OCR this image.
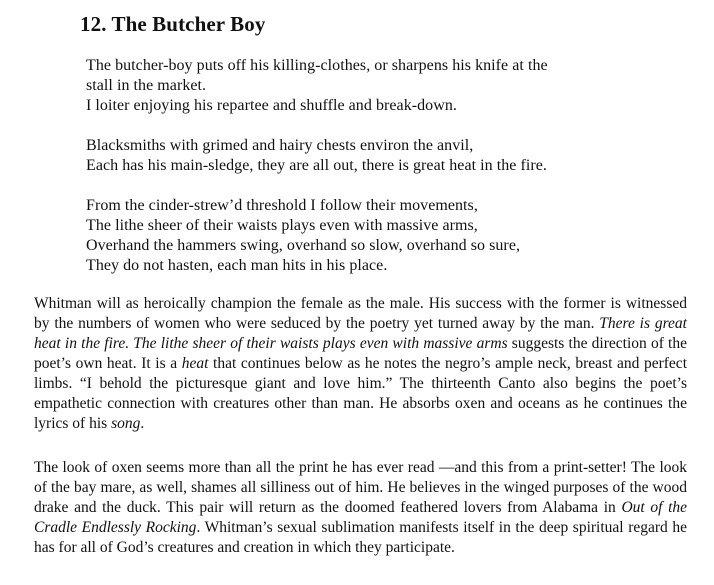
12. The Butcher Boy
The butcher-boy puts off his killing-clothes, or sharpens his knife at the
stall in the market.
I loiter enjoying his repartee and shuffle and break-down.
Blacksmiths with grimed and hairy chests environ the anvil,
Each has his main-sledge, they are all out, there is great heat in the fire.
From the cinder-strew’d threshold I follow their movements,
The lithe sheer of their waists plays even with massive arms,
Overhand the hammers swing, overhand so slow, overhand so sure,
They do not hasten, each man hits in his place.

Whitman will as heroically champion the female as the male. His success with the former is witnessed by the numbers of women who were seduced by the poetry yet turned away by the man. There is great heat in the fire. The lithe sheer of their waists plays even with massive arms suggests the direction of the poet’s own heat. It is a heat that continues below as he notes the negro’s ample neck, breast and perfect limbs. “I behold the picturesque giant and love him.” The thirteenth Canto also begins the poet’s empathetic connection with creatures other than man. He absorbs oxen and oceans as he continues the lyrics of his song.

The look of oxen seems more than all the print he has ever read —and this from a print-setter! The look of the bay mare, as well, shames all silliness out of him. He believes in the winged purposes of the wood drake and the duck. This pair will return as the doomed feathered lovers from Alabama in Out of the Cradle Endlessly Rocking. Whitman’s sexual sublimation manifests itself in the deep spiritual regard he has for all of God’s creatures and creation in which they participate.
